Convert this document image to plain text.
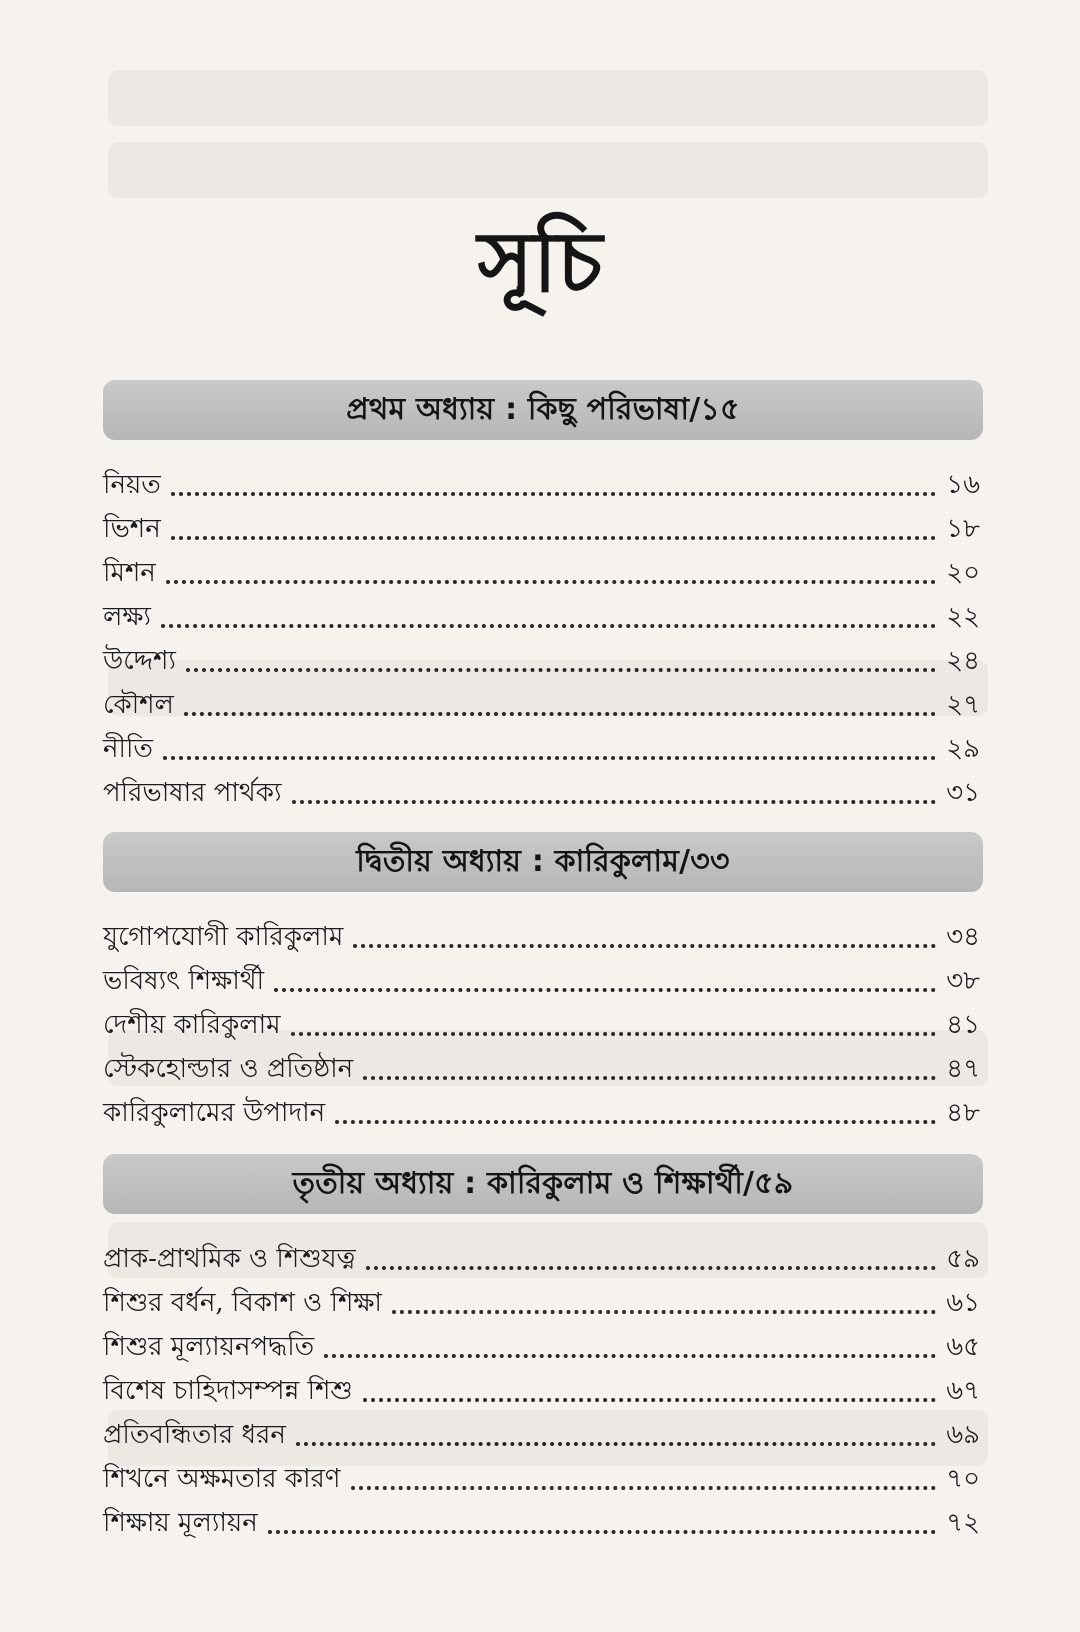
সূচি
প্রথম অধ্যায় : কিছু পরিভাষা/১৫
নিয়ত	১৬
ভিশন	১৮
মিশন	২০
লক্ষ্য	২২
উদ্দেশ্য	২৪
কৌশল	২৭
নীতি	২৯
পরিভাষার পার্থক্য	৩১
দ্বিতীয় অধ্যায় : কারিকুলাম/৩৩
যুগোপযোগী কারিকুলাম	৩৪
ভবিষ্যৎ শিক্ষার্থী	৩৮
দেশীয় কারিকুলাম	৪১
স্টেকহোল্ডার ও প্রতিষ্ঠান	৪৭
কারিকুলামের উপাদান	৪৮
তৃতীয় অধ্যায় : কারিকুলাম ও শিক্ষার্থী/৫৯
প্রাক-প্রাথমিক ও শিশুযত্ন	৫৯
শিশুর বর্ধন, বিকাশ ও শিক্ষা	৬১
শিশুর মূল্যায়নপদ্ধতি	৬৫
বিশেষ চাহিদাসম্পন্ন শিশু	৬৭
প্রতিবন্ধিতার ধরন	৬৯
শিখনে অক্ষমতার কারণ	৭০
শিক্ষায় মূল্যায়ন	৭২
